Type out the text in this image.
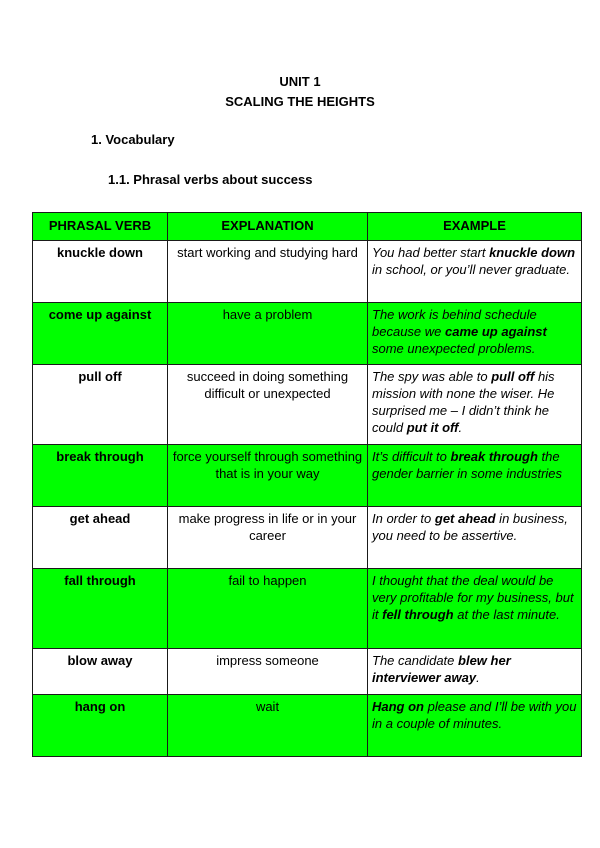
UNIT 1
SCALING THE HEIGHTS
1. Vocabulary
1.1. Phrasal verbs about success
PHRASAL VERB	EXPLANATION	EXAMPLE
knuckle down	start working and studying hard	You had better start knuckle down in school, or you’ll never graduate.
come up against	have a problem	The work is behind schedule because we came up against some unexpected problems.
pull off	succeed in doing something difficult or unexpected	The spy was able to pull off his mission with none the wiser. He surprised me – I didn’t think he could put it off.
break through	force yourself through something that is in your way	It’s difficult to break through the gender barrier in some industries
get ahead	make progress in life or in your career	In order to get ahead in business, you need to be assertive.
fall through	fail to happen	I thought that the deal would be very profitable for my business, but it fell through at the last minute.
blow away	impress someone	The candidate blew her interviewer away.
hang on	wait	Hang on please and I’ll be with you in a couple of minutes.
